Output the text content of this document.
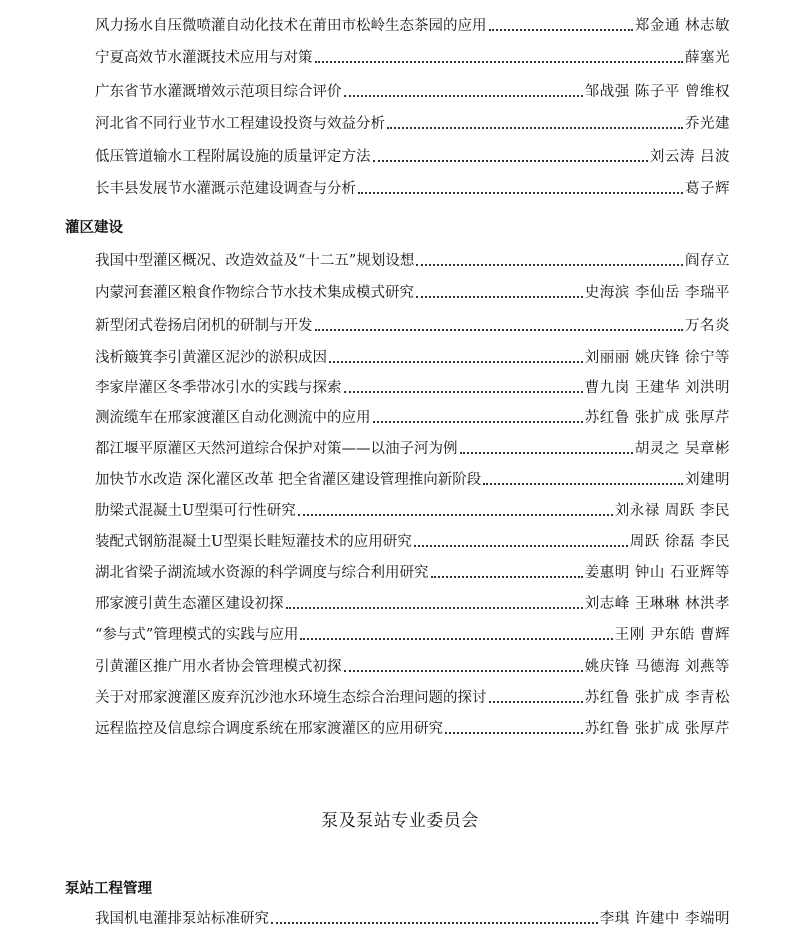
风力扬水自压微喷灌自动化技术在莆田市松岭生态茶园的应用	郑金通 林志敏
宁夏高效节水灌溉技术应用与对策	薛塞光
广东省节水灌溉增效示范项目综合评价	邹战强 陈子平 曾维权
河北省不同行业节水工程建设投资与效益分析	乔光建
低压管道输水工程附属设施的质量评定方法	刘云涛 吕波
长丰县发展节水灌溉示范建设调查与分析	葛子辉
灌区建设
我国中型灌区概况、改造效益及“十二五”规划设想	阎存立
内蒙河套灌区粮食作物综合节水技术集成模式研究	史海滨 李仙岳 李瑞平
新型闭式卷扬启闭机的研制与开发	万名炎
浅析簸箕李引黄灌区泥沙的淤积成因	刘丽丽 姚庆锋 徐宁等
李家岸灌区冬季带冰引水的实践与探索	曹九岗 王建华 刘洪明
测流缆车在邢家渡灌区自动化测流中的应用	苏红鲁 张扩成 张厚芹
都江堰平原灌区天然河道综合保护对策——以油子河为例	胡灵之 吴章彬
加快节水改造 深化灌区改革 把全省灌区建设管理推向新阶段	刘建明
肋梁式混凝土U型渠可行性研究	刘永禄 周跃 李民
装配式钢筋混凝土U型渠长畦短灌技术的应用研究	周跃 徐磊 李民
湖北省梁子湖流域水资源的科学调度与综合利用研究	姜惠明 钟山 石亚辉等
邢家渡引黄生态灌区建设初探	刘志峰 王琳琳 林洪孝
“参与式”管理模式的实践与应用	王刚 尹东皓 曹辉
引黄灌区推广用水者协会管理模式初探	姚庆锋 马德海 刘燕等
关于对邢家渡灌区废弃沉沙池水环境生态综合治理问题的探讨	苏红鲁 张扩成 李青松
远程监控及信息综合调度系统在邢家渡灌区的应用研究	苏红鲁 张扩成 张厚芹
泵及泵站专业委员会
泵站工程管理
我国机电灌排泵站标准研究	李琪 许建中 李端明
